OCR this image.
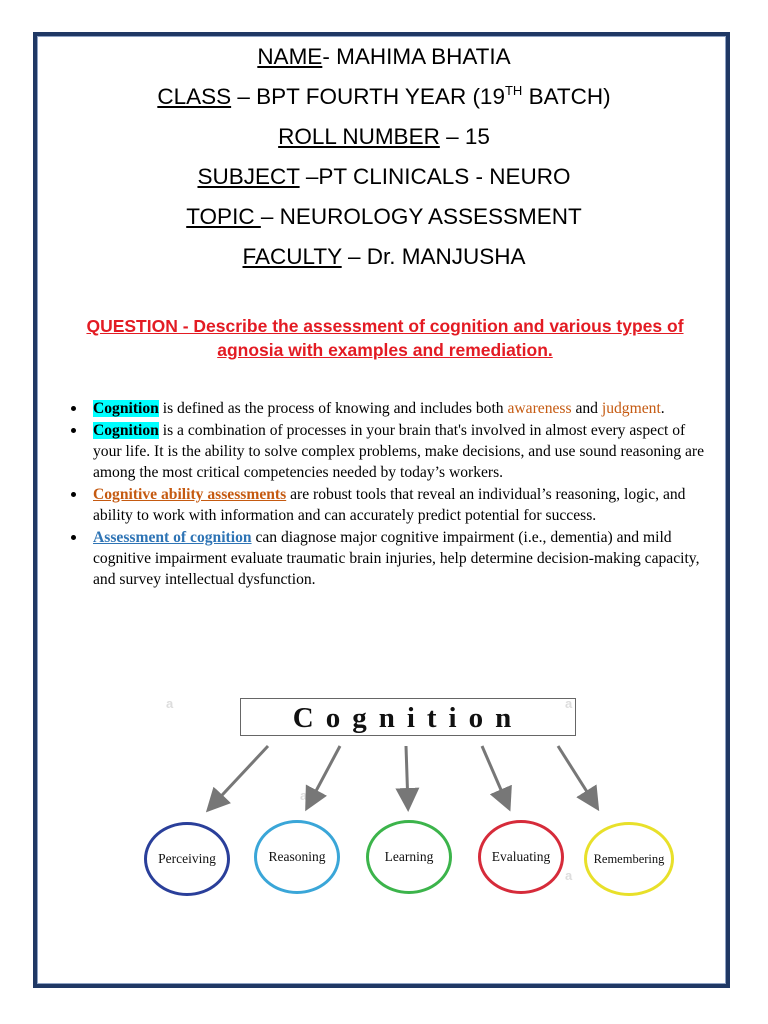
NAME- MAHIMA BHATIA
CLASS – BPT FOURTH YEAR (19TH BATCH)
ROLL NUMBER – 15
SUBJECT –PT CLINICALS - NEURO
TOPIC – NEUROLOGY ASSESSMENT
FACULTY – Dr. MANJUSHA
QUESTION - Describe the assessment of cognition and various types of agnosia with examples and remediation.
Cognition is defined as the process of knowing and includes both awareness and judgment.
Cognition is a combination of processes in your brain that's involved in almost every aspect of your life. It is the ability to solve complex problems, make decisions, and use sound reasoning are among the most critical competencies needed by today’s workers.
Cognitive ability assessments are robust tools that reveal an individual’s reasoning, logic, and ability to work with information and can accurately predict potential for success.
Assessment of cognition can diagnose major cognitive impairment (i.e., dementia) and mild cognitive impairment evaluate traumatic brain injuries, help determine decision-making capacity, and survey intellectual dysfunction.
a	a
a
a
Cognition
Perceiving	Reasoning	Learning	Evaluating	Remembering
